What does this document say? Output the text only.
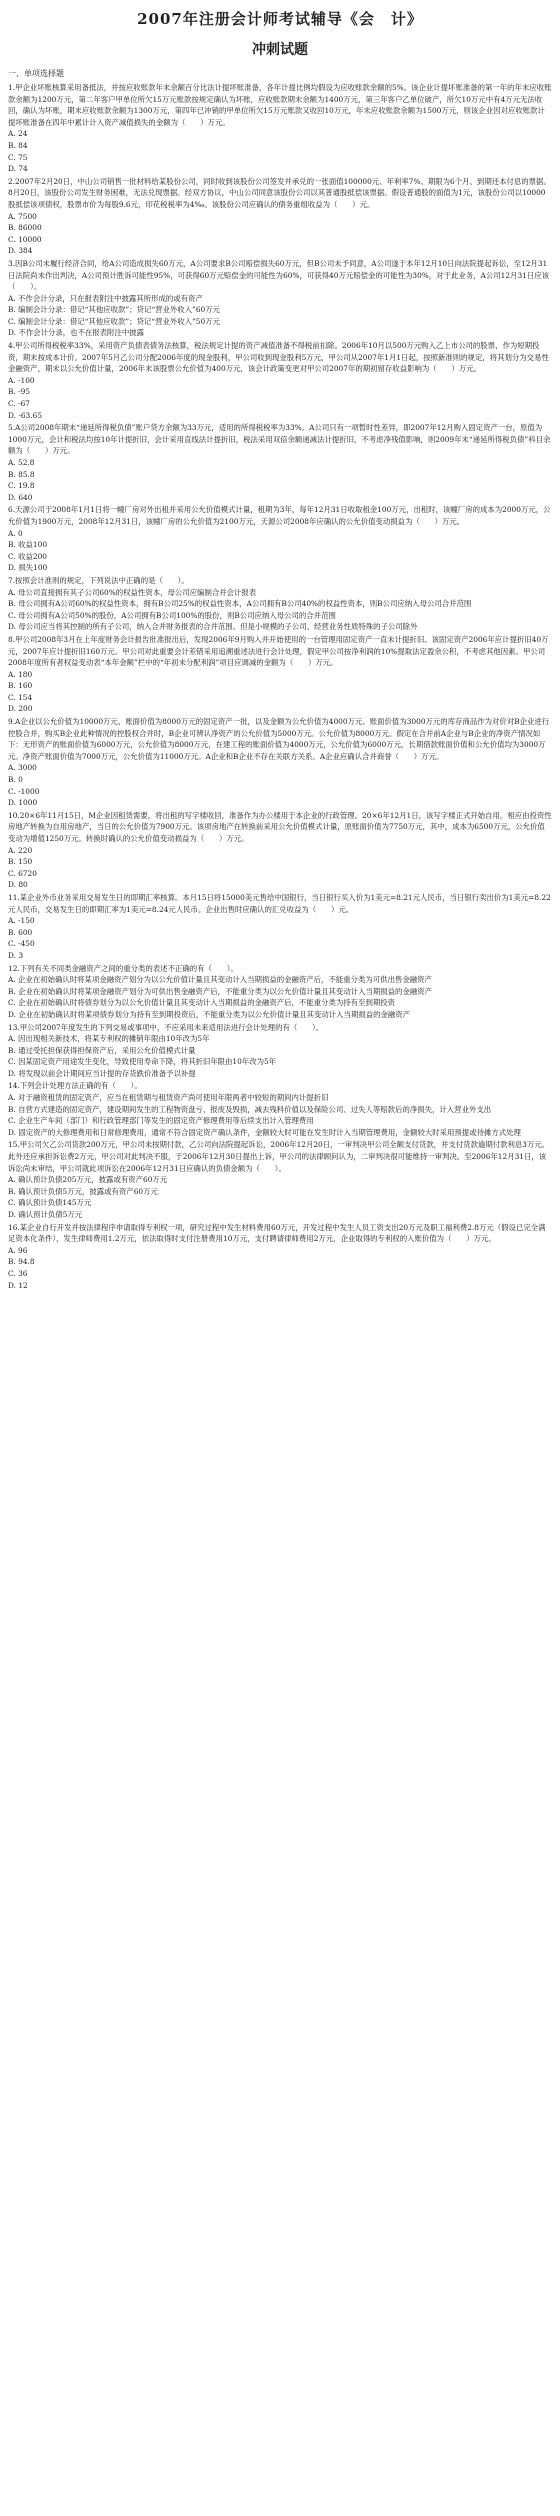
2007年注册会计师考试辅导《会　计》
冲刺试题
一、单项选择题
1.甲企业坏账核算采用备抵法，并按应收账款年末余额百分比法计提坏账准备，各年计提比例均假设为应收账款余额的5%。该企业计提坏账准备的第一年的年末应收账款余额为1200万元，第二年客户甲单位所欠15万元账款按规定确认为坏账，应收账款期末余额为1400万元，第三年客户乙单位破产，所欠10万元中有4万元无法收回，确认为坏账，期末应收账款余额为1300万元，第四年已冲销的甲单位所欠15万元账款又收回10万元，年末应收账款余额为1500万元，则该企业因对应收账款计提坏账准备在四年中累计计入资产减值损失的金额为（　　）万元。
A. 24
B. 84
C. 75
D. 74
2.2007年2月20日，中山公司销售一批材料给某股份公司，同时收到该股份公司签发并承兑的一张面值100000元、年利率7%、期限为6个月、到期还本付息的票据。8月20日，该股份公司发生财务困难，无法兑现票据。经双方协议，中山公司同意该股份公司以其普通股抵偿该票据。假设普通股的面值为1元，该股份公司以10000股抵偿该项债权，股票市价为每股9.6元，印花税税率为4‰。该股份公司应确认的债务重组收益为（　　）元。
A. 7500
B. 86000
C. 10000
D. 384
3.因B公司未履行经济合同，给A公司造成损失60万元，A公司要求B公司赔偿损失60万元，但B公司未予同意，A公司遂于本年12月10日向法院提起诉讼，至12月31日法院尚未作出判决，A公司预计胜诉可能性95%，可获得60万元赔偿金的可能性为60%，可获得40万元赔偿金的可能性为30%，对于此业务，A公司12月31日应该（　　）。
A. 不作会计分录，只在报表附注中披露其所形成的或有资产
B. 编制会计分录：借记“其他应收款”；贷记“营业外收入”60万元
C. 编制会计分录：借记“其他应收款”；贷记“营业外收入”50万元
D. 不作会计分录，也不在报表附注中披露
4.甲公司所得税税率33%，采用资产负债表债务法核算，税法规定计提的资产减值准备不得税前扣除。2006年10月以500万元购入乙上市公司的股票，作为短期投资，期末按成本计价。2007年5月乙公司分配2006年度的现金股利，甲公司收到现金股利5万元，甲公司从2007年1月1日起，按照新准则的规定，将其划分为交易性金融资产，期末以公允价值计量，2006年末该股票公允价值为400万元，该会计政策变更对甲公司2007年的期初留存收益影响为（　　）万元。
A. -100
B. -95
C. -67
D. -63.65
5.A公司2008年期末“递延所得税负债”账户贷方余额为33万元，适用的所得税税率为33%。A公司只有一项暂时性差异，即2007年12月购入固定资产一台，原值为1000万元，会计和税法均按10年计提折旧，会计采用直线法计提折旧，税法采用双倍余额递减法计提折旧，不考虑净残值影响，则2009年末“递延所得税负债”科目余额为（　　）万元。
A. 52.8
B. 85.8
C. 19.8
D. 640
6.天源公司于2008年1月1日将一幢厂房对外出租并采用公允价值模式计量，租期为3年，每年12月31日收取租金100万元，出租时，该幢厂房的成本为2000万元，公允价值为1900万元，2008年12月31日，该幢厂房的公允价值为2100万元，天源公司2008年应确认的公允价值变动损益为（　　）万元。
A. 0
B. 收益100
C. 收益200
D. 损失100
7.按照会计准则的规定，下列说法中正确的是（　　）。
A. 母公司直接拥有其子公司60%的权益性资本，母公司应编制合并会计报表
B. 母公司拥有A公司60%的权益性资本，拥有B公司25%的权益性资本，A公司拥有B公司40%的权益性资本，则B公司应纳入母公司合并范围
C. 母公司拥有A公司50%的股份，A公司拥有B公司100%的股份，则B公司应纳入母公司的合并范围
D. 母公司应当将其控制的所有子公司，纳入合并财务报表的合并范围。但是小规模的子公司、经营业务性质特殊的子公司除外
8.甲公司2008年3月在上年度财务会计报告批准报出后，发现2006年9月购入并开始使用的一台管理用固定资产一直未计提折旧。该固定资产2006年应计提折旧40万元，2007年应计提折旧160万元。甲公司对此重要会计差错采用追溯重述法进行会计处理，假定甲公司按净利润的10%提取法定盈余公积，不考虑其他因素。甲公司2008年度所有者权益变动表“本年金额”栏中的“年初未分配利润”项目应调减的金额为（　　）万元。
A. 180
B. 160
C. 154
D. 200
9.A企业以公允价值为10000万元、账面价值为8000万元的固定资产一批，以及金额为公允价值为4000万元、账面价值为3000万元的库存商品作为对价对B企业进行控股合并，购买B企业此种情况的控股权合并时，B企业可辨认净资产的公允价值为5000万元。公允价值为8000万元。假定在合并前A企业与B企业的净资产情况如下：无形资产的账面价值为6000万元，公允价值为8000万元，在建工程的账面价值为4000万元，公允价值为6000万元，长期借款账面价值和公允价值均为3000万元。净资产账面价值为7000万元，公允价值为11000万元。A企业和B企业不存在关联方关系。A企业应确认合并商誉（　　）万元。
A. 3000
B. 0
C. -1000
D. 1000
10.20×6年11月15日，M企业因租赁需要，将出租的写字楼收回，准备作为办公楼用于本企业的行政管理。20×6年12月1日，该写字楼正式开始自用。相应由投资性房地产转换为自用房地产，当日的公允价值为7900万元。该项房地产在转换前采用公允价值模式计量，原账面价值为7750万元，其中，成本为6500万元，公允价值变动为增值1250万元。转换时确认的公允价值变动损益为（　　）万元。
A. 220
B. 150
C. 6720
D. 80
11.某企业外币业务采用交易发生日的即期汇率核算。本月15日将15000美元售给中国银行，当日银行买入价为1美元=8.21元人民币，当日银行卖出价为1美元=8.22元人民币，交易发生日的即期汇率为1美元=8.24元人民币。企业出售时应确认的汇兑收益为（　　）元。
A. -150
B. 600
C. -450
D. 3
12.下列有关不同类金融资产之间的重分类的表述不正确的有（　　）。
A. 企业在初始确认时将某项金融资产划分为以公允价值计量且其变动计入当期损益的金融资产后，不能重分类为可供出售金融资产
B. 企业在初始确认时将某项金融资产划分为可供出售金融资产后，不能重分类为以公允价值计量且其变动计入当期损益的金融资产
C. 企业在初始确认时将债券划分为以公允价值计量且其变动计入当期损益的金融资产后，不能重分类为持有至到期投资
D. 企业在初始确认时将某项债券划分为持有至到期投资后，不能重分类为以公允价值计量且其变动计入当期损益的金融资产
13.甲公司2007年度发生的下列交易或事项中，不应采用未来适用法进行会计处理的有（　　）。
A. 因出现相关新技术，将某专利权的摊销年限由10年改为5年
B. 通过受托担保获得担保资产后，采用公允价值模式计量
C. 因某固定资产用途发生变化，导致使用寿命下降，将其折旧年限由10年改为5年
D. 将发现以前会计期间应当计提的存货跌价准备予以补提
14.下列会计处理方法正确的有（　　）。
A. 对于融资租赁的固定资产，应当在租赁期与租赁资产尚可使用年限两者中较短的期间内计提折旧
B. 自营方式建造的固定资产，建设期间发生的工程物资盘亏、报废及毁损，减去残料价值以及保险公司、过失人等赔款后的净损失，计入营业外支出
C. 企业生产车间（部门）和行政管理部门等发生的固定资产修理费用等后续支出计入管理费用
D. 固定资产的大修理费用和日常修理费用，通常不符合固定资产确认条件，金额较大时可能在发生时计入当期管理费用，金额较大时采用预提或待摊方式处理
15.甲公司欠乙公司货款200万元，甲公司未按期付款，乙公司向法院提起诉讼，2006年12月20日，一审判决甲公司全额支付货款，并支付货款逾期付款利息3万元。此外还应承担诉讼费2万元，甲公司对此判决不服，于2006年12月30日提出上诉，甲公司的法律顾问认为，二审判决很可能维持一审判决。至2006年12月31日，该诉讼尚未审结，甲公司就此项诉讼在2006年12月31日应确认的负债金额为（　　）。
A. 确认预计负债205万元，披露或有资产60万元
B. 确认预计负债5万元，披露或有资产60万元
C. 确认预计负债145万元
D. 确认预计负债5万元
16.某企业自行开发并按法律程序申请取得专利权一项，研究过程中发生材料费用60万元，开发过程中发生人员工资支出20万元及职工福利费2.8万元（假设已完全满足资本化条件），发生律师费用1.2万元，依法取得时支付注册费用10万元，支付聘请律师费用2万元，企业取得的专利权的入账价值为（　　）万元。
A. 96
B. 94.8
C. 36
D. 12
